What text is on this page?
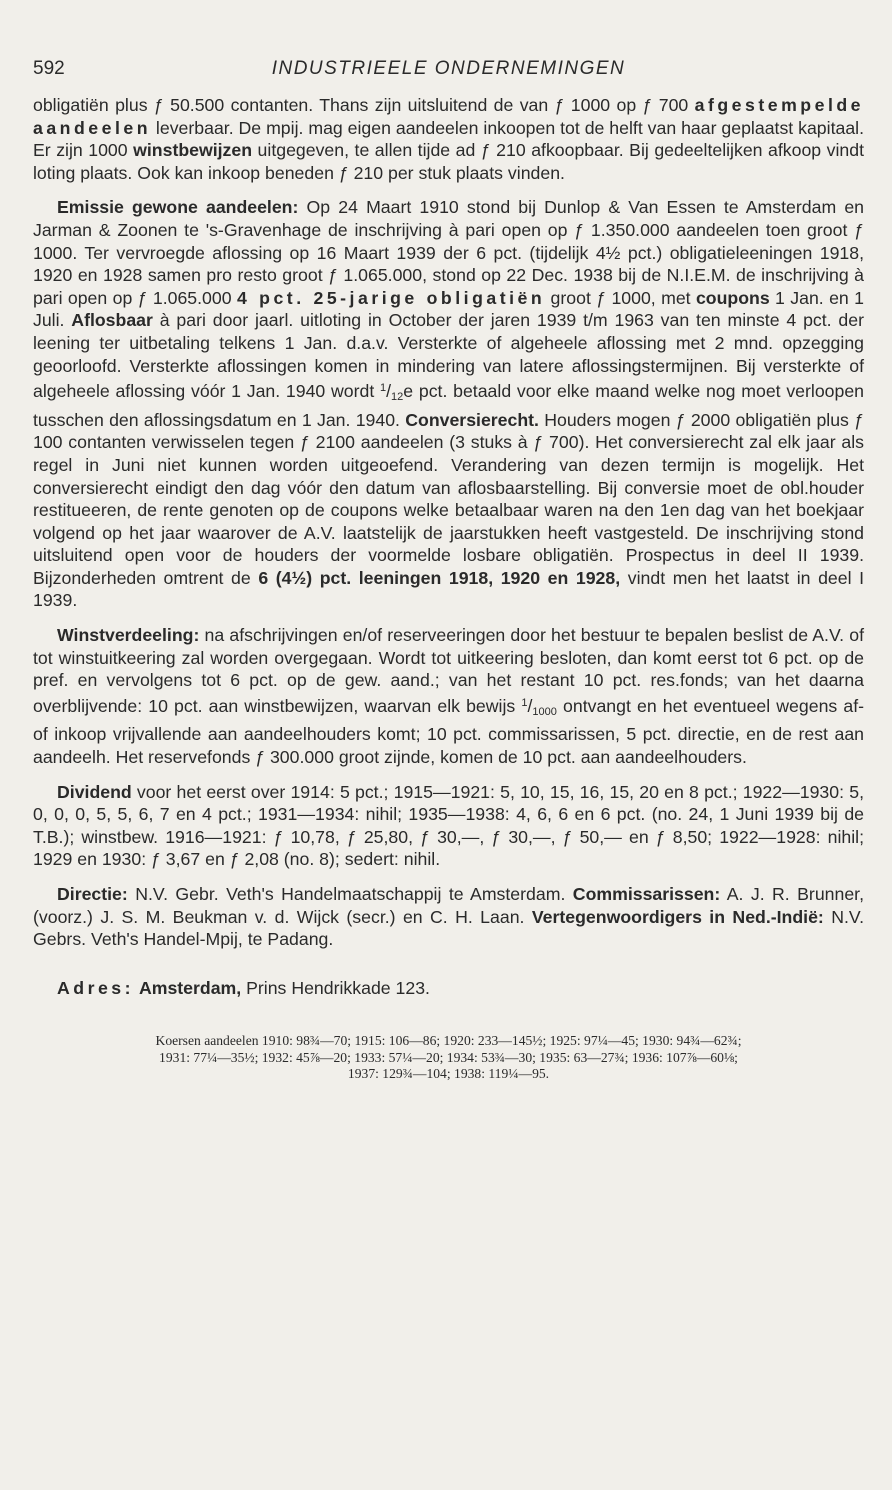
592	INDUSTRIEELE ONDERNEMINGEN

obligatiën plus ƒ 50.500 contanten. Thans zijn uitsluitend de van ƒ 1000 op ƒ 700 afgestempelde aandeelen leverbaar. De mpij. mag eigen aandeelen inkoopen tot de helft van haar geplaatst kapitaal. Er zijn 1000 winstbewijzen uitgegeven, te allen tijde ad ƒ 210 afkoopbaar. Bij gedeeltelijken afkoop vindt loting plaats. Ook kan inkoop beneden ƒ 210 per stuk plaats vinden.

Emissie gewone aandeelen: Op 24 Maart 1910 stond bij Dunlop & Van Essen te Amsterdam en Jarman & Zoonen te 's-Gravenhage de inschrijving à pari open op ƒ 1.350.000 aandeelen toen groot ƒ 1000. Ter vervroegde aflossing op 16 Maart 1939 der 6 pct. (tijdelijk 4½ pct.) obligatieleeningen 1918, 1920 en 1928 samen pro resto groot ƒ 1.065.000, stond op 22 Dec. 1938 bij de N.I.E.M. de inschrijving à pari open op ƒ 1.065.000 4 pct. 25-jarige obligatiën groot ƒ 1000, met coupons 1 Jan. en 1 Juli. Aflosbaar à pari door jaarl. uitloting in October der jaren 1939 t/m 1963 van ten minste 4 pct. der leening ter uitbetaling telkens 1 Jan. d.a.v. Versterkte of algeheele aflossing met 2 mnd. opzegging geoorloofd. Versterkte aflossingen komen in mindering van latere aflossingstermijnen. Bij versterkte of algeheele aflossing vóór 1 Jan. 1940 wordt $^1/_{12}e$ pct. betaald voor elke maand welke nog moet verloopen tusschen den aflossingsdatum en 1 Jan. 1940. Conversierecht. Houders mogen ƒ 2000 obligatiën plus ƒ 100 contanten verwisselen tegen ƒ 2100 aandeelen (3 stuks à ƒ 700). Het conversierecht zal elk jaar als regel in Juni niet kunnen worden uitgeoefend. Verandering van dezen termijn is mogelijk. Het conversierecht eindigt den dag vóór den datum van aflosbaarstelling. Bij conversie moet de obl.houder restitueeren, de rente genoten op de coupons welke betaalbaar waren na den 1en dag van het boekjaar volgend op het jaar waarover de A.V. laatstelijk de jaarstukken heeft vastgesteld. De inschrijving stond uitsluitend open voor de houders der voormelde losbare obligatiën. Prospectus in deel II 1939. Bijzonderheden omtrent de 6 (4½) pct. leeningen 1918, 1920 en 1928, vindt men het laatst in deel I 1939.

Winstverdeeling: na afschrijvingen en/of reserveeringen door het bestuur te bepalen beslist de A.V. of tot winstuitkeering zal worden overgegaan. Wordt tot uitkeering besloten, dan komt eerst tot 6 pct. op de pref. en vervolgens tot 6 pct. op de gew. aand.; van het restant 10 pct. res.fonds; van het daarna overblijvende: 10 pct. aan winstbewijzen, waarvan elk bewijs $^1/_{1000}$ ontvangt en het eventueel wegens af- of inkoop vrijvallende aan aandeelhouders komt; 10 pct. commissarissen, 5 pct. directie, en de rest aan aandeelh. Het reservefonds ƒ 300.000 groot zijnde, komen de 10 pct. aan aandeelhouders.

Dividend voor het eerst over 1914: 5 pct.; 1915—1921: 5, 10, 15, 16, 15, 20 en 8 pct.; 1922—1930: 5, 0, 0, 0, 5, 5, 6, 7 en 4 pct.; 1931—1934: nihil; 1935—1938: 4, 6, 6 en 6 pct. (no. 24, 1 Juni 1939 bij de T.B.); winstbew. 1916—1921: ƒ 10,78, ƒ 25,80, ƒ 30,—, ƒ 30,—, ƒ 50,— en ƒ 8,50; 1922—1928: nihil; 1929 en 1930: ƒ 3,67 en ƒ 2,08 (no. 8); sedert: nihil.

Directie: N.V. Gebr. Veth's Handelmaatschappij te Amsterdam. Commissarissen: A. J. R. Brunner, (voorz.) J. S. M. Beukman v. d. Wijck (secr.) en C. H. Laan. Vertegenwoordigers in Ned.-Indië: N.V. Gebrs. Veth's Handel-Mpij, te Padang.

Adres: Amsterdam, Prins Hendrikkade 123.

Koersen aandeelen 1910: 98¾—70; 1915: 106—86; 1920: 233—145½; 1925: 97¼—45; 1930: 94¾—62¾;
1931: 77¼—35½; 1932: 45⅞—20; 1933: 57¼—20; 1934: 53¾—30; 1935: 63—27¾; 1936: 107⅞—60⅛;
1937: 129¾—104; 1938: 119¼—95.
